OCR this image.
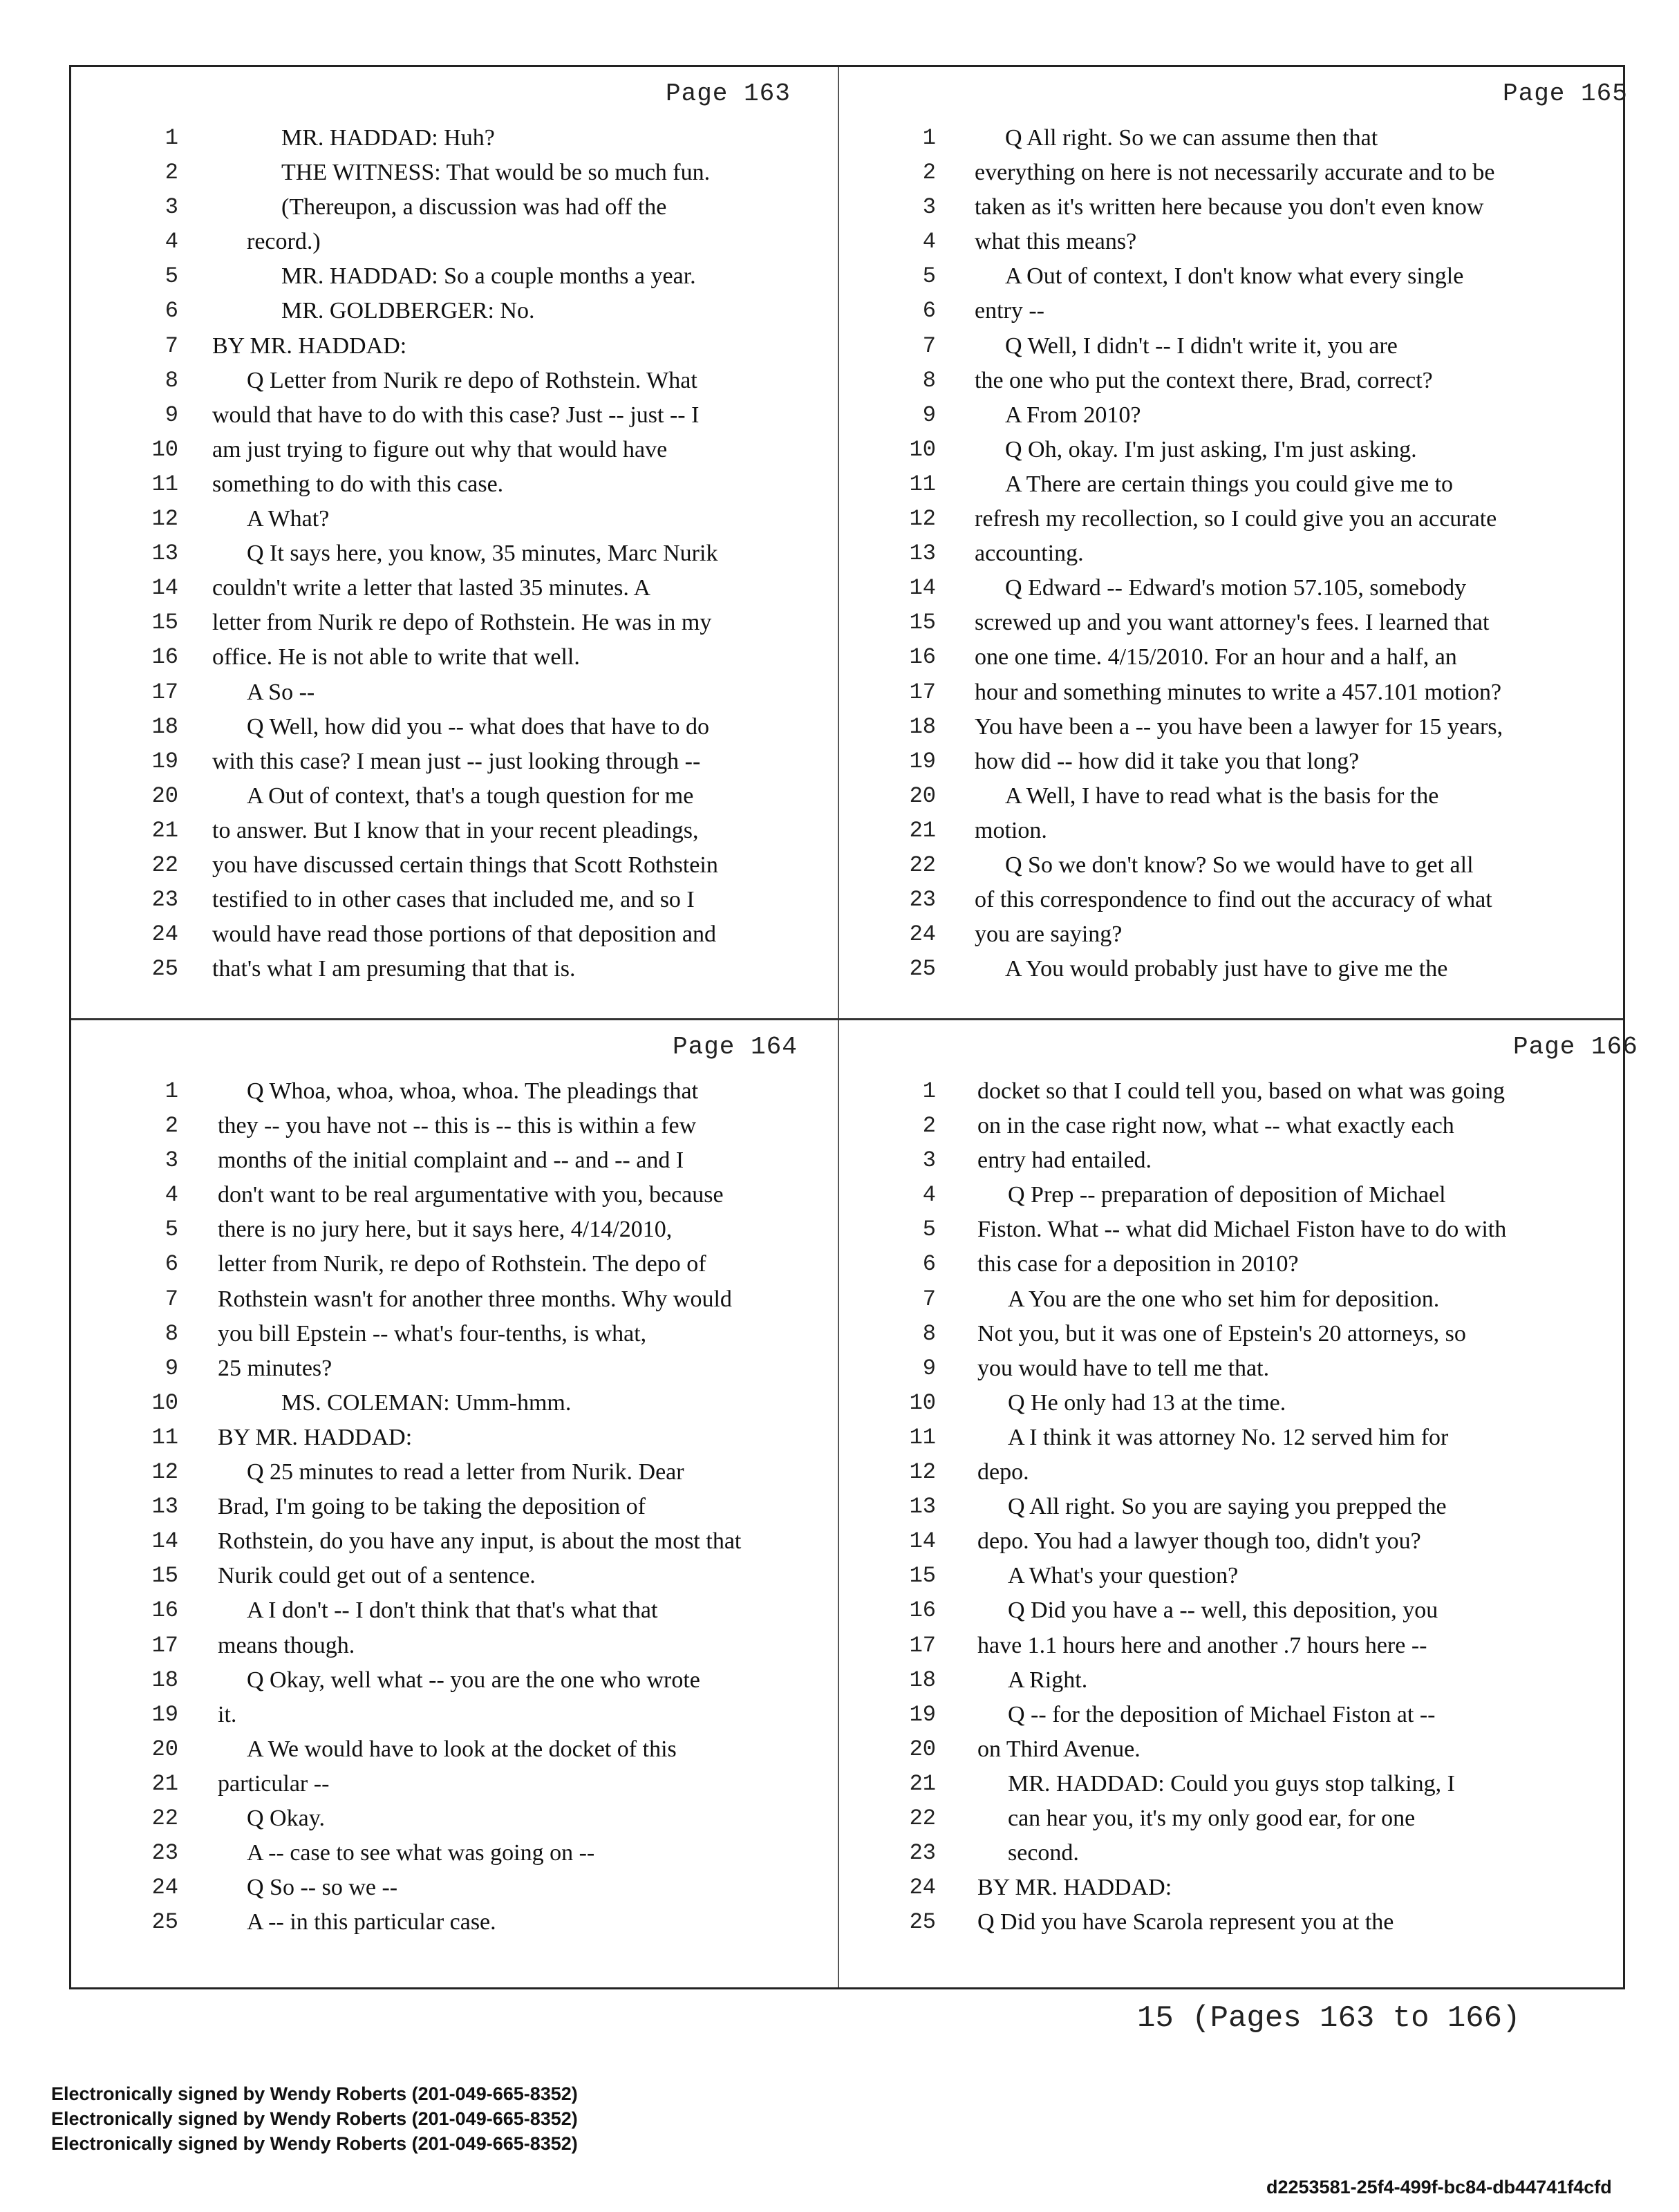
Page 163
1	MR. HADDAD: Huh?
2	THE WITNESS: That would be so much fun.
3	(Thereupon, a discussion was had off the
4	record.)
5	MR. HADDAD: So a couple months a year.
6	MR. GOLDBERGER: No.
7 BY MR. HADDAD:
8	Q Letter from Nurik re depo of Rothstein. What
9 would that have to do with this case? Just -- just -- I
10 am just trying to figure out why that would have
11 something to do with this case.
12	A What?
13	Q It says here, you know, 35 minutes, Marc Nurik
14 couldn't write a letter that lasted 35 minutes. A
15 letter from Nurik re depo of Rothstein. He was in my
16 office. He is not able to write that well.
17	A So --
18	Q Well, how did you -- what does that have to do
19 with this case? I mean just -- just looking through --
20	A Out of context, that's a tough question for me
21 to answer. But I know that in your recent pleadings,
22 you have discussed certain things that Scott Rothstein
23 testified to in other cases that included me, and so I
24 would have read those portions of that deposition and
25 that's what I am presuming that that is.
Page 165
1	Q All right. So we can assume then that
2 everything on here is not necessarily accurate and to be
3 taken as it's written here because you don't even know
4 what this means?
5	A Out of context, I don't know what every single
6 entry --
7	Q Well, I didn't -- I didn't write it, you are
8 the one who put the context there, Brad, correct?
9	A From 2010?
10	Q Oh, okay. I'm just asking, I'm just asking.
11	A There are certain things you could give me to
12 refresh my recollection, so I could give you an accurate
13 accounting.
14	Q Edward -- Edward's motion 57.105, somebody
15 screwed up and you want attorney's fees. I learned that
16 one one time. 4/15/2010. For an hour and a half, an
17 hour and something minutes to write a 457.101 motion?
18 You have been a -- you have been a lawyer for 15 years,
19 how did -- how did it take you that long?
20	A Well, I have to read what is the basis for the
21 motion.
22	Q So we don't know? So we would have to get all
23 of this correspondence to find out the accuracy of what
24 you are saying?
25	A You would probably just have to give me the
Page 164
1	Q Whoa, whoa, whoa, whoa. The pleadings that
2 they -- you have not -- this is -- this is within a few
3 months of the initial complaint and -- and -- and I
4 don't want to be real argumentative with you, because
5 there is no jury here, but it says here, 4/14/2010,
6 letter from Nurik, re depo of Rothstein. The depo of
7 Rothstein wasn't for another three months. Why would
8 you bill Epstein -- what's four-tenths, is what,
9 25 minutes?
10	MS. COLEMAN: Umm-hmm.
11 BY MR. HADDAD:
12	Q 25 minutes to read a letter from Nurik. Dear
13 Brad, I'm going to be taking the deposition of
14 Rothstein, do you have any input, is about the most that
15 Nurik could get out of a sentence.
16	A I don't -- I don't think that that's what that
17 means though.
18	Q Okay, well what -- you are the one who wrote
19 it.
20	A We would have to look at the docket of this
21 particular --
22	Q Okay.
23	A -- case to see what was going on --
24	Q So -- so we --
25	A -- in this particular case.
Page 166
1 docket so that I could tell you, based on what was going
2 on in the case right now, what -- what exactly each
3 entry had entailed.
4	Q Prep -- preparation of deposition of Michael
5 Fiston. What -- what did Michael Fiston have to do with
6 this case for a deposition in 2010?
7	A You are the one who set him for deposition.
8 Not you, but it was one of Epstein's 20 attorneys, so
9 you would have to tell me that.
10	Q He only had 13 at the time.
11	A I think it was attorney No. 12 served him for
12 depo.
13	Q All right. So you are saying you prepped the
14 depo. You had a lawyer though too, didn't you?
15	A What's your question?
16	Q Did you have a -- well, this deposition, you
17 have 1.1 hours here and another .7 hours here --
18	A Right.
19	Q -- for the deposition of Michael Fiston at --
20 on Third Avenue.
21	MR. HADDAD: Could you guys stop talking, I
22	can hear you, it's my only good ear, for one
23	second.
24 BY MR. HADDAD:
25 Q Did you have Scarola represent you at the
15 (Pages 163 to 166)
Electronically signed by Wendy Roberts (201-049-665-8352)
Electronically signed by Wendy Roberts (201-049-665-8352)
Electronically signed by Wendy Roberts (201-049-665-8352)
d2253581-25f4-499f-bc84-db44741f4cfd
